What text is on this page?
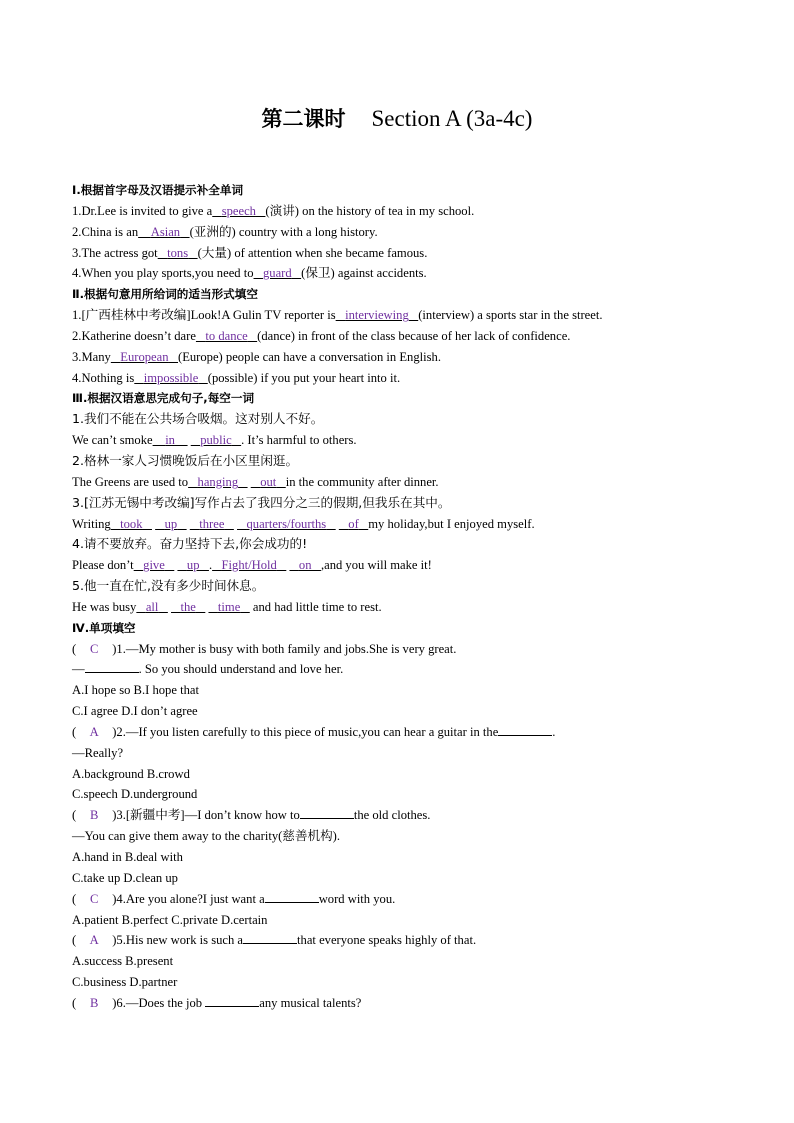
第二课时 Section A (3a-4c)
Ⅰ.根据首字母及汉语提示补全单词
1.Dr.Lee is invited to give a speech (演讲) on the history of tea in my school.
2.China is an Asian (亚洲的) country with a long history.
3.The actress got tons (大量) of attention when she became famous.
4.When you play sports,you need to guard (保卫) against accidents.
Ⅱ.根据句意用所给词的适当形式填空
1.[广西桂林中考改编]Look!A Gulin TV reporter is interviewing (interview) a sports star in the street.
2.Katherine doesn’t dare to dance (dance) in front of the class because of her lack of confidence.
3.Many European (Europe) people can have a conversation in English.
4.Nothing is impossible (possible) if you put your heart into it.
Ⅲ.根据汉语意思完成句子,每空一词
1.我们不能在公共场合吸烟。这对别人不好。
We can’t smoke in public . It’s harmful to others.
2.格林一家人习惯晚饭后在小区里闲逛。
The Greens are used to hanging out in the community after dinner.
3.[江苏无锡中考改编]写作占去了我四分之三的假期,但我乐在其中。
Writing took up three quarters/fourths of my holiday,but I enjoyed myself.
4.请不要放弃。奋力坚持下去,你会成功的!
Please don’t give up . Fight/Hold on ,and you will make it!
5.他一直在忙,没有多少时间休息。
He was busy all the time and had little time to rest.
Ⅳ.单项填空
( C )1.—My mother is busy with both family and jobs.She is very great.
—	. So you should understand and love her.
A.I hope so B.I hope that
C.I agree D.I don’t agree
( A )2.—If you listen carefully to this piece of music,you can hear a guitar in the	.
—Really?
A.background B.crowd
C.speech D.underground
( B )3.[新疆中考]—I don’t know how to	the old clothes.
—You can give them away to the charity(慈善机构).
A.hand in B.deal with
C.take up D.clean up
( C )4.Are you alone?I just want a	word with you.
A.patient B.perfect C.private D.certain
( A )5.His new work is such a	that everyone speaks highly of that.
A.success B.present
C.business D.partner
( B )6.—Does the job	any musical talents?
